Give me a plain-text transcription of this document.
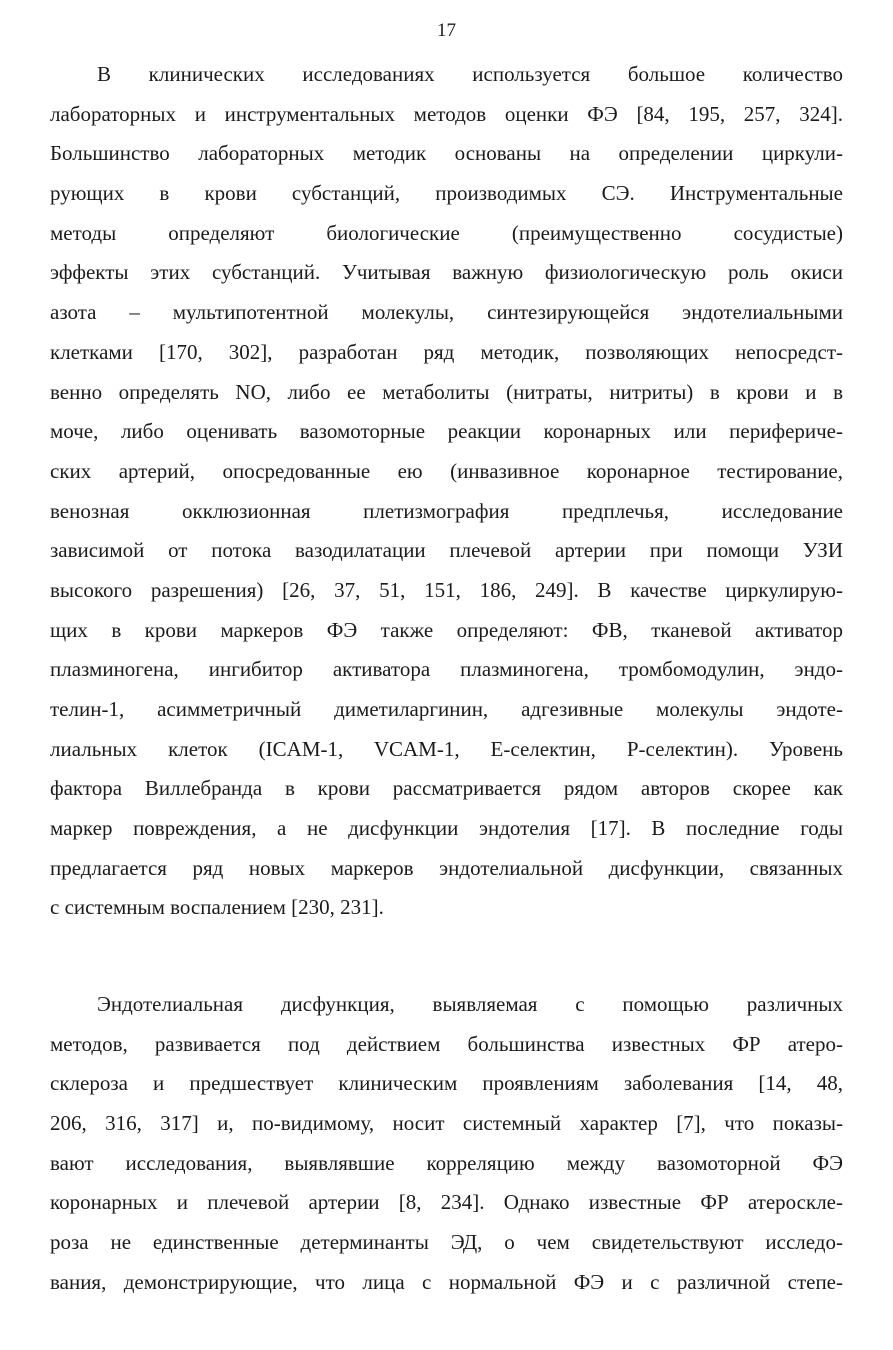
17
В клинических исследованиях используется большое количество
лабораторных и инструментальных методов оценки ФЭ [84, 195, 257, 324].
Большинство лабораторных методик основаны на определении циркули-
рующих в крови субстанций, производимых СЭ. Инструментальные
методы определяют биологические (преимущественно сосудистые)
эффекты этих субстанций. Учитывая важную физиологическую роль окиси
азота – мультипотентной молекулы, синтезирующейся эндотелиальными
клетками [170, 302], разработан ряд методик, позволяющих непосредст-
венно определять NO, либо ее метаболиты (нитраты, нитриты) в крови и в
моче, либо оценивать вазомоторные реакции коронарных или перифериче-
ских артерий, опосредованные ею (инвазивное коронарное тестирование,
венозная окклюзионная плетизмография предплечья, исследование
зависимой от потока вазодилатации плечевой артерии при помощи УЗИ
высокого разрешения) [26, 37, 51, 151, 186, 249]. В качестве циркулирую-
щих в крови маркеров ФЭ также определяют: ФВ, тканевой активатор
плазминогена, ингибитор активатора плазминогена, тромбомодулин, эндо-
телин-1, асимметричный диметиларгинин, адгезивные молекулы эндоте-
лиальных клеток (ICAM-1, VCAM-1, Е-селектин, Р-селектин). Уровень
фактора Виллебранда в крови рассматривается рядом авторов скорее как
маркер повреждения, а не дисфункции эндотелия [17]. В последние годы
предлагается ряд новых маркеров эндотелиальной дисфункции, связанных
с системным воспалением [230, 231].
Эндотелиальная дисфункция, выявляемая с помощью различных
методов, развивается под действием большинства известных ФР атеро-
склероза и предшествует клиническим проявлениям заболевания [14, 48,
206, 316, 317] и, по-видимому, носит системный характер [7], что показы-
вают исследования, выявлявшие корреляцию между вазомоторной ФЭ
коронарных и плечевой артерии [8, 234]. Однако известные ФР атероскле-
роза не единственные детерминанты ЭД, о чем свидетельствуют исследо-
вания, демонстрирующие, что лица с нормальной ФЭ и с различной степе-
